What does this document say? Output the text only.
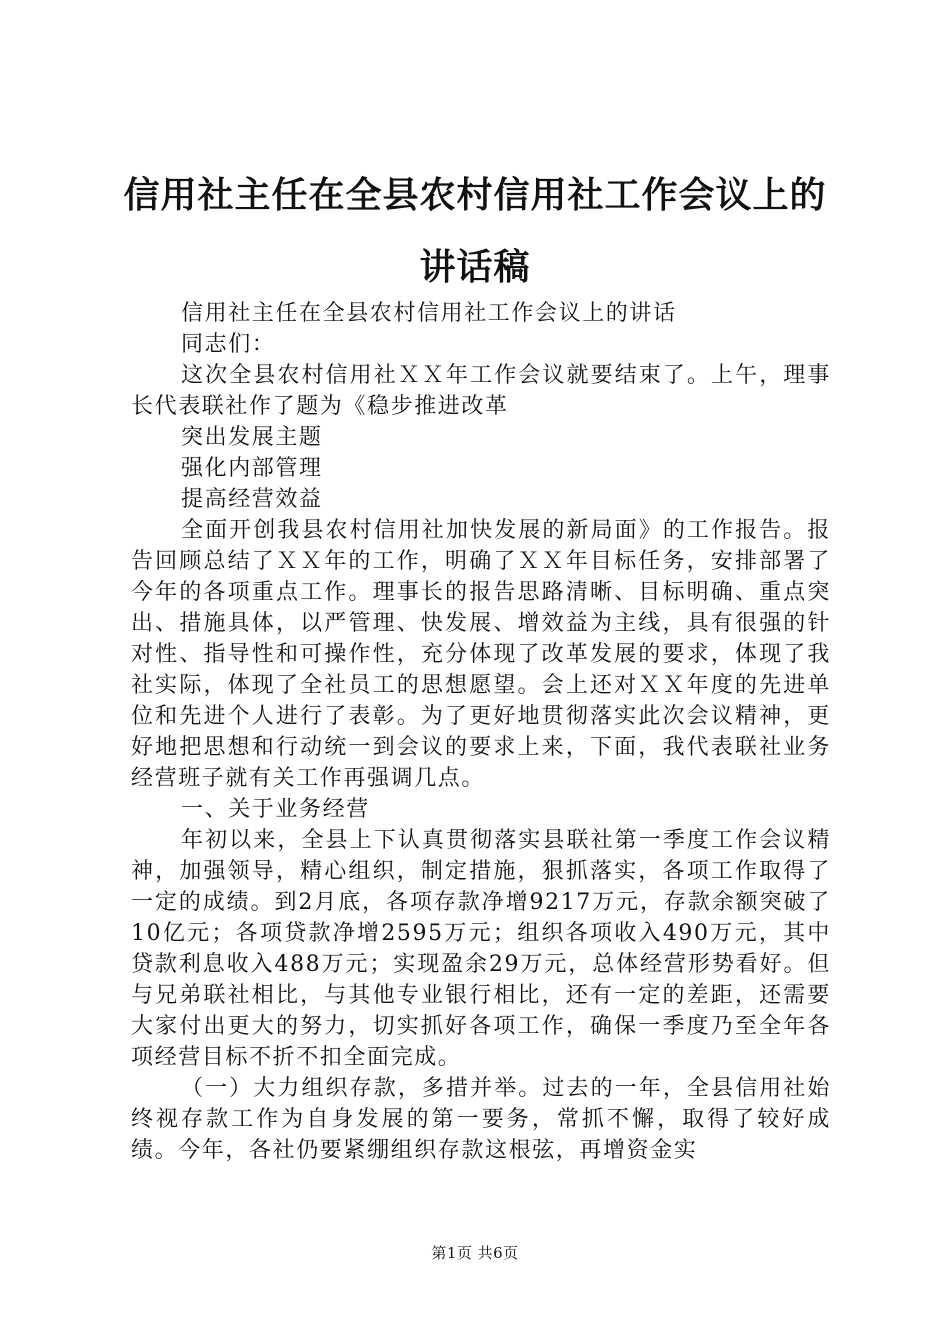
信用社主任在全县农村信用社工作会议上的讲话稿

信用社主任在全县农村信用社工作会议上的讲话

同志们：

这次全县农村信用社ＸＸ年工作会议就要结束了。上午，理事长代表联社作了题为《稳步推进改革

突出发展主题

强化内部管理

提高经营效益

全面开创我县农村信用社加快发展的新局面》的工作报告。报告回顾总结了ＸＸ年的工作，明确了ＸＸ年目标任务，安排部署了今年的各项重点工作。理事长的报告思路清晰、目标明确、重点突出、措施具体，以严管理、快发展、增效益为主线，具有很强的针对性、指导性和可操作性，充分体现了改革发展的要求，体现了我社实际，体现了全社员工的思想愿望。会上还对ＸＸ年度的先进单位和先进个人进行了表彰。为了更好地贯彻落实此次会议精神，更好地把思想和行动统一到会议的要求上来，下面，我代表联社业务经营班子就有关工作再强调几点。

一、关于业务经营

年初以来，全县上下认真贯彻落实县联社第一季度工作会议精神，加强领导，精心组织，制定措施，狠抓落实，各项工作取得了一定的成绩。到2月底，各项存款净增9217万元，存款余额突破了10亿元；各项贷款净增2595万元；组织各项收入490万元，其中贷款利息收入488万元；实现盈余29万元，总体经营形势看好。但与兄弟联社相比，与其他专业银行相比，还有一定的差距，还需要大家付出更大的努力，切实抓好各项工作，确保一季度乃至全年各项经营目标不折不扣全面完成。

（一）大力组织存款，多措并举。过去的一年，全县信用社始终视存款工作为自身发展的第一要务，常抓不懈，取得了较好成绩。今年，各社仍要紧绷组织存款这根弦，再增资金实

第1页 共6页
